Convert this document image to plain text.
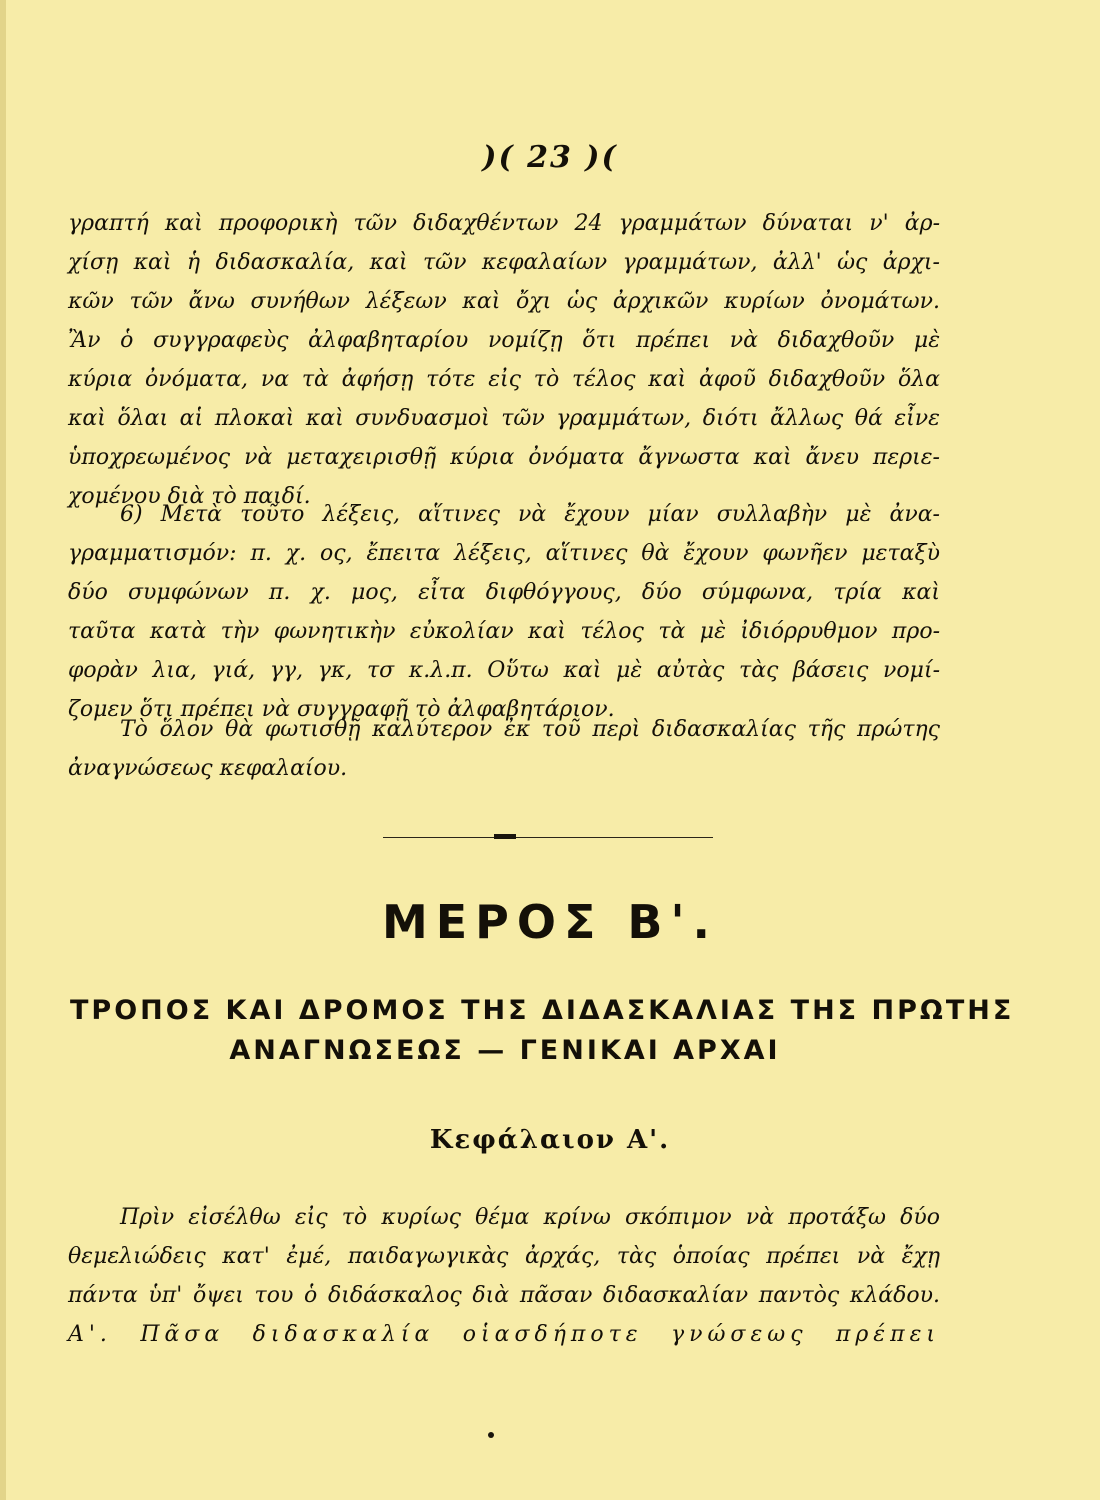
)( 23 )(
γραπτή καὶ προφορικὴ τῶν διδαχθέντων 24 γραμμάτων δύναται ν' ἀρ-
χίσῃ καὶ ἡ διδασκαλία, καὶ τῶν κεφαλαίων γραμμάτων, ἀλλ' ὡς ἀρχι-
κῶν τῶν ἄνω συνήθων λέξεων καὶ ὄχι ὡς ἀρχικῶν κυρίων ὀνομάτων.
Ἂν ὁ συγγραφεὺς ἀλφαβηταρίου νομίζῃ ὅτι πρέπει νὰ διδαχθοῦν μὲ
κύρια ὀνόματα, να τὰ ἀφήσῃ τότε εἰς τὸ τέλος καὶ ἀφοῦ διδαχθοῦν ὅλα
καὶ ὅλαι αἱ πλοκαὶ καὶ συνδυασμοὶ τῶν γραμμάτων, διότι ἄλλως θά εἶνε
ὑποχρεωμένος νὰ μεταχειρισθῇ κύρια ὀνόματα ἄγνωστα καὶ ἄνευ περιε-
χομένου διὰ τὸ παιδί.
6) Μετὰ τοῦτο λέξεις, αἵτινες νὰ ἔχουν μίαν συλλαβὴν μὲ ἀνα-
γραμματισμόν: π. χ. ος, ἔπειτα λέξεις, αἵτινες θὰ ἔχουν φωνῆεν μεταξὺ
δύο συμφώνων π. χ. μος, εἶτα διφθόγγους, δύο σύμφωνα, τρία καὶ
ταῦτα κατὰ τὴν φωνητικὴν εὐκολίαν καὶ τέλος τὰ μὲ ἰδιόρρυθμον προ-
φορὰν λια, γιά, γγ, γκ, τσ κ.λ.π. Οὕτω καὶ μὲ αὐτὰς τὰς βάσεις νομί-
ζομεν ὅτι πρέπει νὰ συγγραφῇ τὸ ἀλφαβητάριον.
Τὸ ὅλον θὰ φωτισθῇ καλύτερον ἐκ τοῦ περὶ διδασκαλίας τῆς πρώτης
ἀναγνώσεως κεφαλαίου.
ΜΕΡΟΣ Β'.
ΤΡΟΠΟΣ ΚΑΙ ΔΡΟΜΟΣ ΤΗΣ ΔΙΔΑΣΚΑΛΙΑΣ ΤΗΣ ΠΡΩΤΗΣ
ΑΝΑΓΝΩΣΕΩΣ — ΓΕΝΙΚΑΙ ΑΡΧΑΙ
Κεφάλαιον Α'.
Πρὶν εἰσέλθω εἰς τὸ κυρίως θέμα κρίνω σκόπιμον νὰ προτάξω δύο
θεμελιώδεις κατ' ἐμέ, παιδαγωγικὰς ἀρχάς, τὰς ὁποίας πρέπει νὰ ἔχῃ
πάντα ὑπ' ὄψει του ὁ διδάσκαλος διὰ πᾶσαν διδασκαλίαν παντὸς κλάδου.
Α'. Πᾶσα διδασκαλία οἱασδήποτε γνώσεως πρέπει
